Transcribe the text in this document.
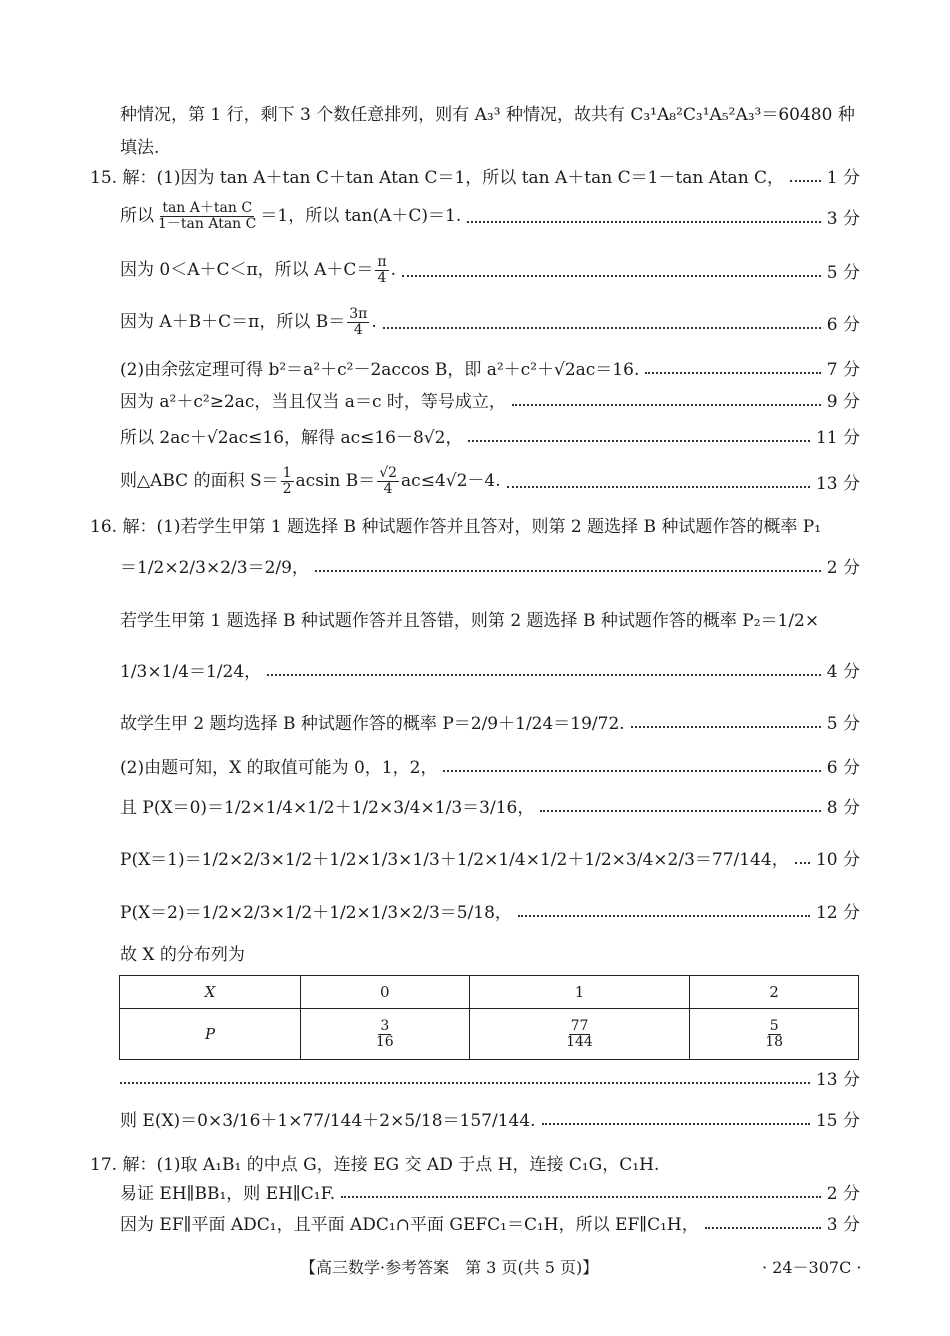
种情况，第 1 行，剩下 3 个数任意排列，则有 A₃³ 种情况，故共有 C₃¹A₈²C₃¹A₅²A₃³＝60480 种
填法.
15. 解：(1)因为 tan A＋tan C＋tan Atan C＝1，所以 tan A＋tan C＝1－tan Atan C，	1 分
所以 $\frac{\text{tan A＋tan C}}{\text{1－tan Atan C}} =1$，所以 tan(A＋C)＝1.	3 分
因为 0＜A＋C＜π，所以 $A+C= \frac{\pi}{4}$ .	5 分
因为 A＋B＋C＝π，所以 $B= \frac{3\pi}{4}$ .	6 分
(2)由余弦定理可得 b²＝a²＋c²－2accos B，即 a²＋c²＋√2ac＝16.	7 分
因为 a²＋c²≥2ac，当且仅当 a＝c 时，等号成立，	9 分
所以 2ac＋√2ac≤16，解得 ac≤16－8√2，	11 分
则△ABC 的面积 $S= \frac{1}{2}$ acsin $B= \frac{√2}{4} ac\le 4√2-4$.	13 分
16. 解：(1)若学生甲第 1 题选择 B 种试题作答并且答对，则第 2 题选择 B 种试题作答的概率 P₁
＝1/2×2/3×2/3＝2/9，	2 分
若学生甲第 1 题选择 B 种试题作答并且答错，则第 2 题选择 B 种试题作答的概率 P₂＝1/2×
1/3×1/4＝1/24，	4 分
故学生甲 2 题均选择 B 种试题作答的概率 P＝2/9＋1/24＝19/72.	5 分
(2)由题可知，X 的取值可能为 0，1，2，	6 分
且 P(X＝0)＝1/2×1/4×1/2＋1/2×3/4×1/3＝3/16，	8 分
P(X＝1)＝1/2×2/3×1/2＋1/2×1/3×1/3＋1/2×1/4×1/2＋1/2×3/4×2/3＝77/144， 10 分
P(X＝2)＝1/2×2/3×1/2＋1/2×1/3×2/3＝5/18，	12 分
故 X 的分布列为
X	0	1	2
P	$\frac{3}{16}$	$\frac{77}{144}$	$\frac{5}{18}$
13 分
则 E(X)＝0×3/16＋1×77/144＋2×5/18＝157/144.	15 分
17. 解：(1)取 A₁B₁ 的中点 G，连接 EG 交 AD 于点 H，连接 C₁G，C₁H.
易证 EH∥BB₁，则 EH∥C₁F.	2 分
因为 EF∥平面 ADC₁，且平面 ADC₁∩平面 GEFC₁＝C₁H，所以 EF∥C₁H，	3 分
【高三数学·参考答案　第 3 页(共 5 页)】	· 24－307C ·
